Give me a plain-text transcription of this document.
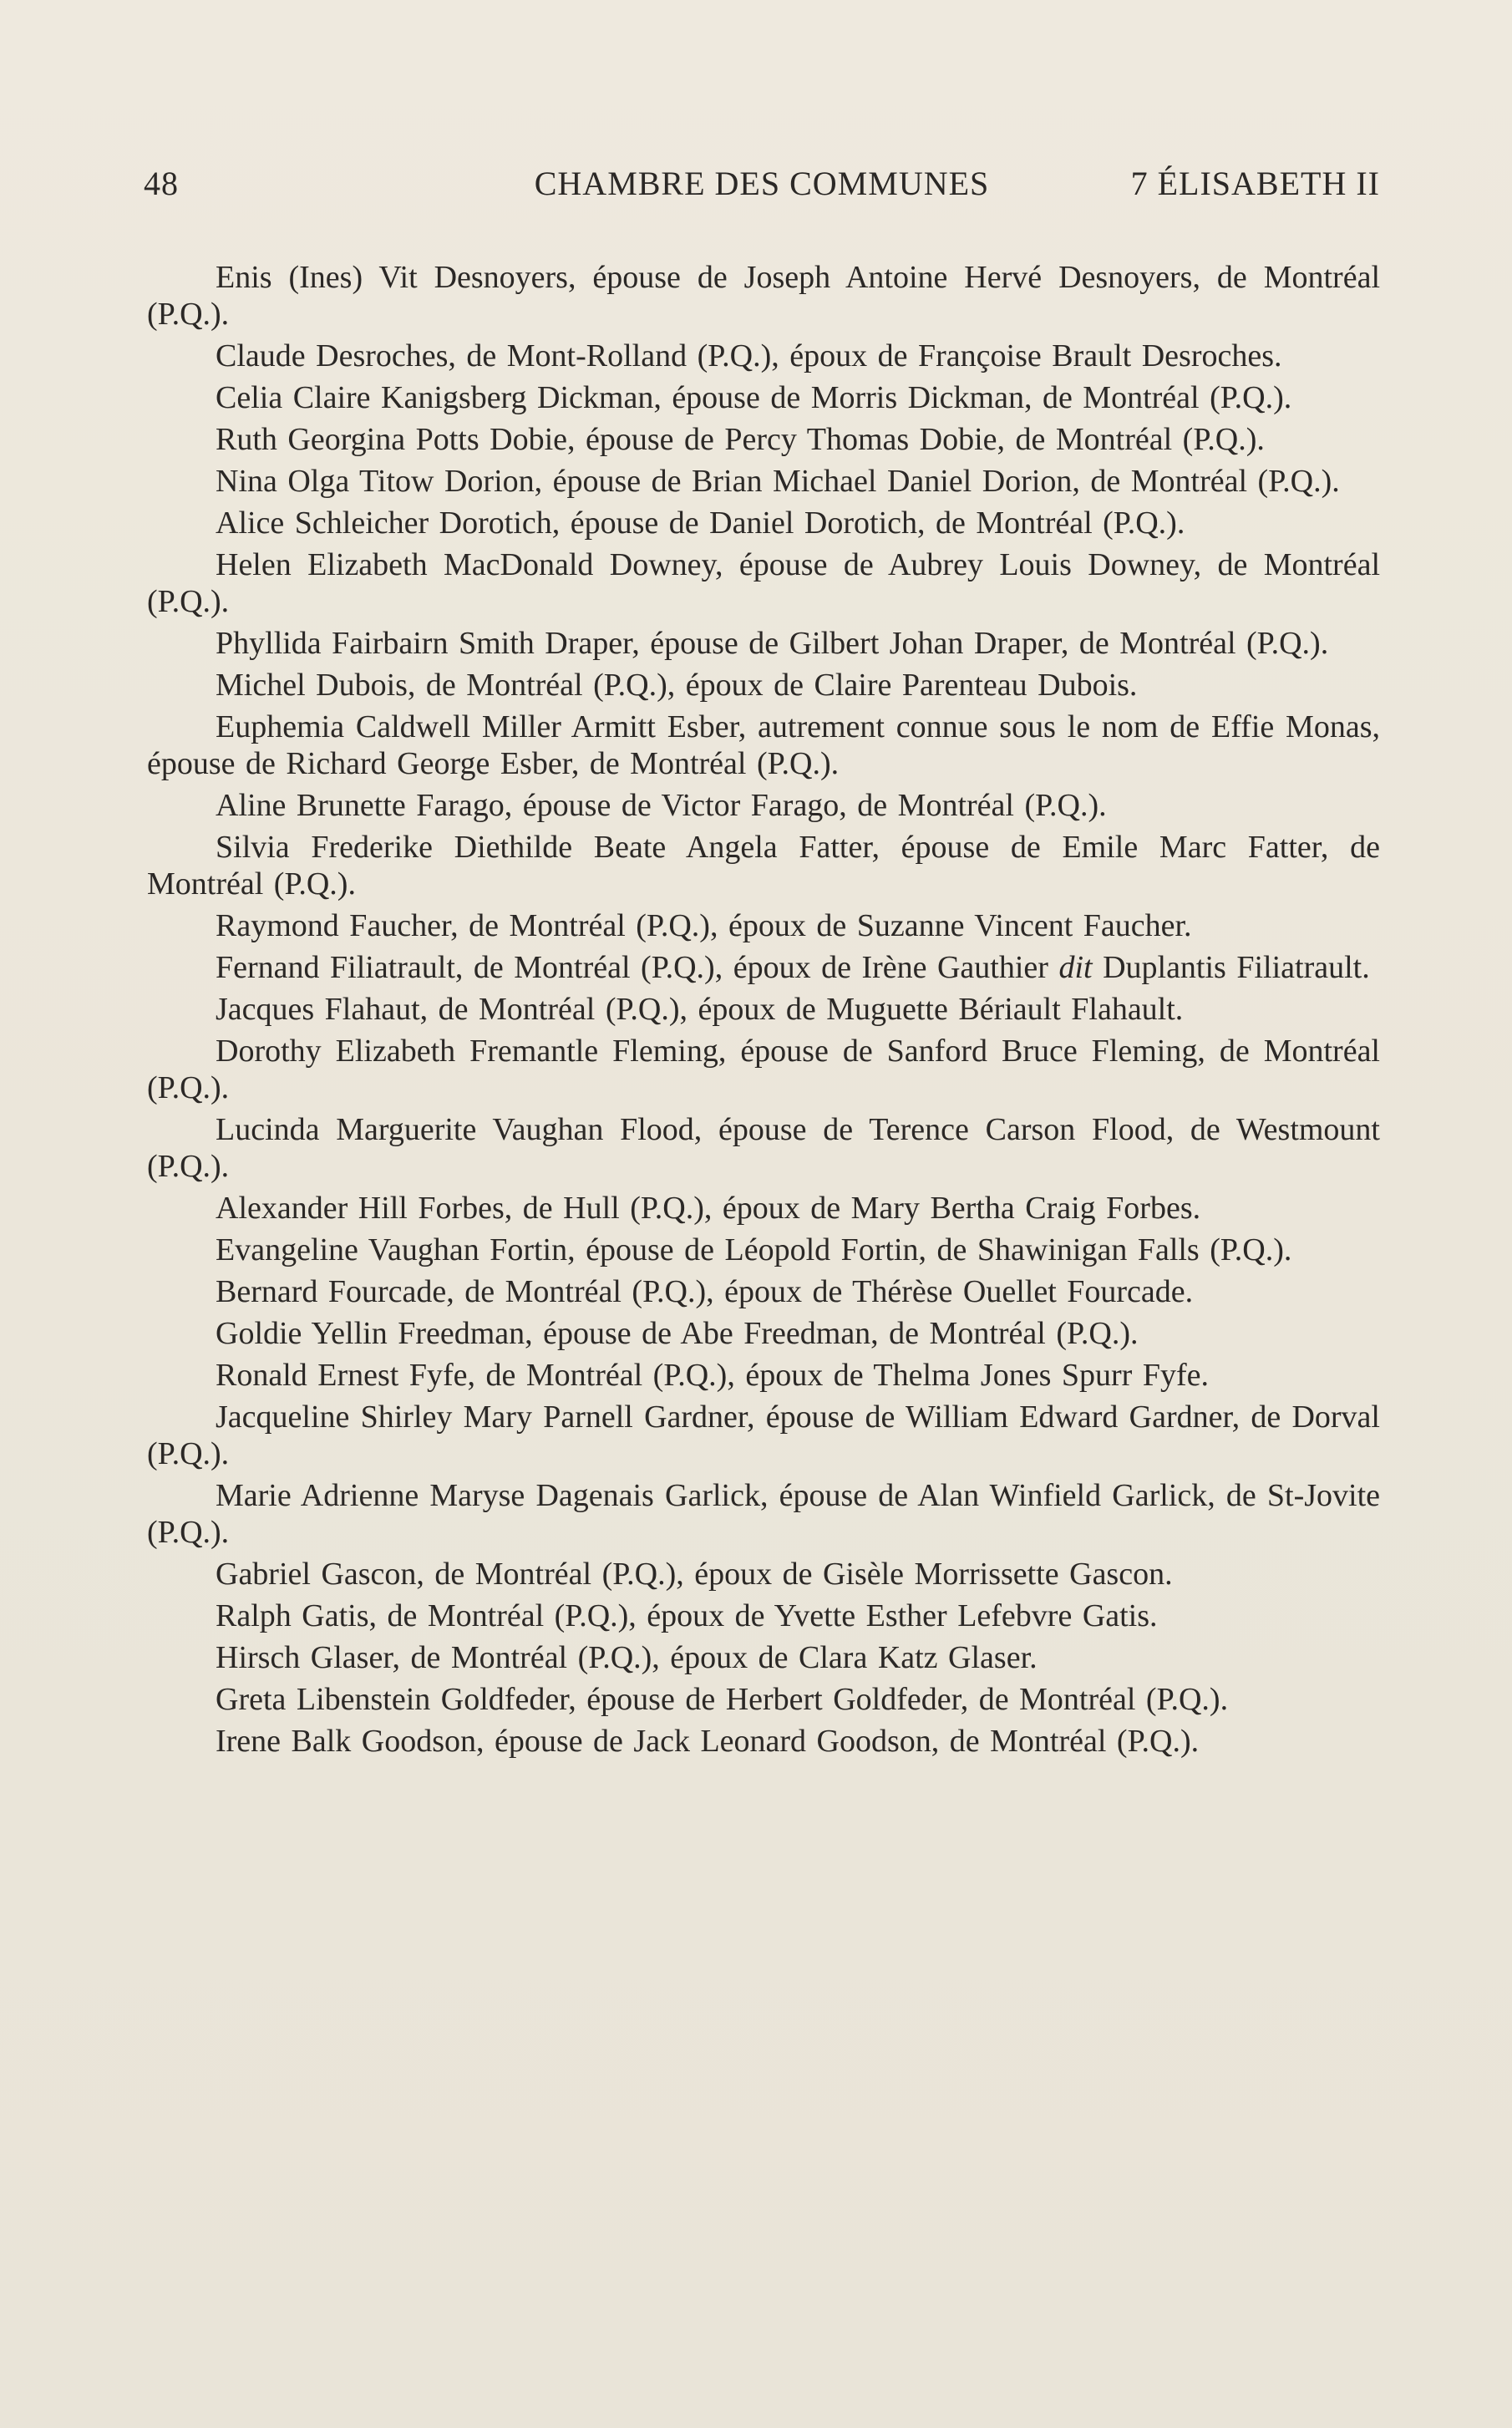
48	CHAMBRE DES COMMUNES	7 ÉLISABETH II

Enis (Ines) Vit Desnoyers, épouse de Joseph Antoine Hervé Desnoyers, de Montréal (P.Q.).

Claude Desroches, de Mont-Rolland (P.Q.), époux de Françoise Brault Desroches.

Celia Claire Kanigsberg Dickman, épouse de Morris Dickman, de Montréal (P.Q.).

Ruth Georgina Potts Dobie, épouse de Percy Thomas Dobie, de Montréal (P.Q.).

Nina Olga Titow Dorion, épouse de Brian Michael Daniel Dorion, de Montréal (P.Q.).

Alice Schleicher Dorotich, épouse de Daniel Dorotich, de Montréal (P.Q.).

Helen Elizabeth MacDonald Downey, épouse de Aubrey Louis Downey, de Montréal (P.Q.).

Phyllida Fairbairn Smith Draper, épouse de Gilbert Johan Draper, de Montréal (P.Q.).

Michel Dubois, de Montréal (P.Q.), époux de Claire Parenteau Dubois.

Euphemia Caldwell Miller Armitt Esber, autrement connue sous le nom de Effie Monas, épouse de Richard George Esber, de Montréal (P.Q.).

Aline Brunette Farago, épouse de Victor Farago, de Montréal (P.Q.).

Silvia Frederike Diethilde Beate Angela Fatter, épouse de Emile Marc Fatter, de Montréal (P.Q.).

Raymond Faucher, de Montréal (P.Q.), époux de Suzanne Vincent Faucher.

Fernand Filiatrault, de Montréal (P.Q.), époux de Irène Gauthier dit Duplantis Filiatrault.

Jacques Flahaut, de Montréal (P.Q.), époux de Muguette Bériault Flahault.

Dorothy Elizabeth Fremantle Fleming, épouse de Sanford Bruce Fleming, de Montréal (P.Q.).

Lucinda Marguerite Vaughan Flood, épouse de Terence Carson Flood, de Westmount (P.Q.).

Alexander Hill Forbes, de Hull (P.Q.), époux de Mary Bertha Craig Forbes.

Evangeline Vaughan Fortin, épouse de Léopold Fortin, de Shawinigan Falls (P.Q.).

Bernard Fourcade, de Montréal (P.Q.), époux de Thérèse Ouellet Fourcade.

Goldie Yellin Freedman, épouse de Abe Freedman, de Montréal (P.Q.).

Ronald Ernest Fyfe, de Montréal (P.Q.), époux de Thelma Jones Spurr Fyfe.

Jacqueline Shirley Mary Parnell Gardner, épouse de William Edward Gardner, de Dorval (P.Q.).

Marie Adrienne Maryse Dagenais Garlick, épouse de Alan Winfield Garlick, de St-Jovite (P.Q.).

Gabriel Gascon, de Montréal (P.Q.), époux de Gisèle Morrissette Gascon.

Ralph Gatis, de Montréal (P.Q.), époux de Yvette Esther Lefebvre Gatis.

Hirsch Glaser, de Montréal (P.Q.), époux de Clara Katz Glaser.

Greta Libenstein Goldfeder, épouse de Herbert Goldfeder, de Montréal (P.Q.).

Irene Balk Goodson, épouse de Jack Leonard Goodson, de Montréal (P.Q.).
